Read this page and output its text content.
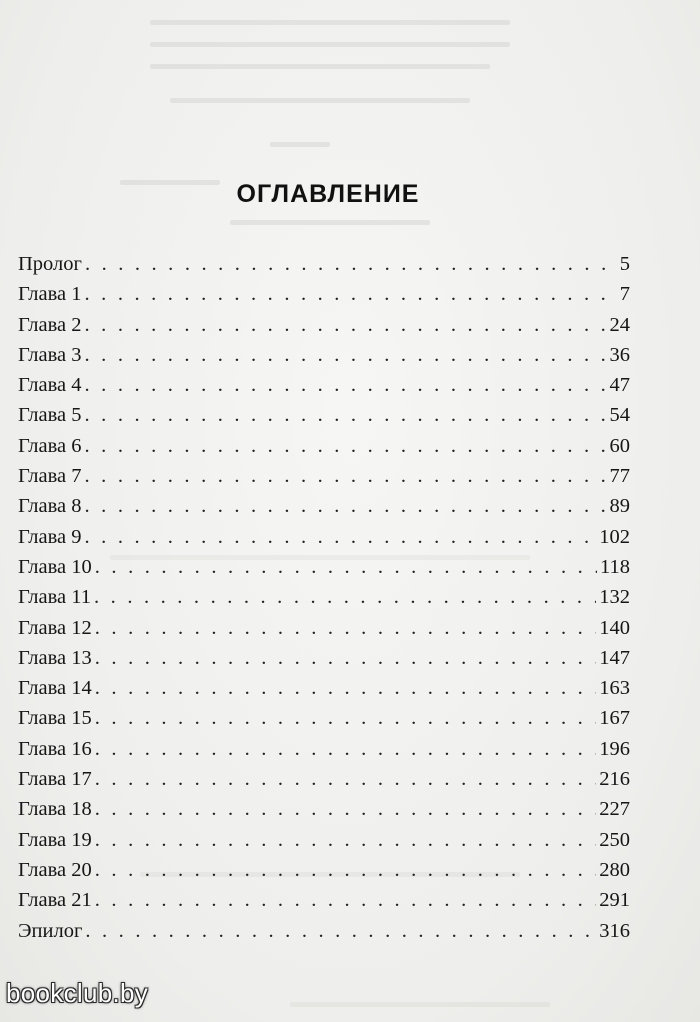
ОГЛАВЛЕНИЕ
Пролог . . .	5
Глава 1 . . .	7
Глава 2 . . .	24
Глава 3 . . .	36
Глава 4 . . .	47
Глава 5 . . .	54
Глава 6 . . .	60
Глава 7 . . .	77
Глава 8 . . .	89
Глава 9 . . .	102
Глава 10 . . .	118
Глава 11 . . .	132
Глава 12 . . .	140
Глава 13 . . .	147
Глава 14 . . .	163
Глава 15 . . .	167
Глава 16 . . .	196
Глава 17 . . .	216
Глава 18 . . .	227
Глава 19 . . .	250
Глава 20 . . .	280
Глава 21 . . .	291
Эпилог . . .	316
bookclub.by
